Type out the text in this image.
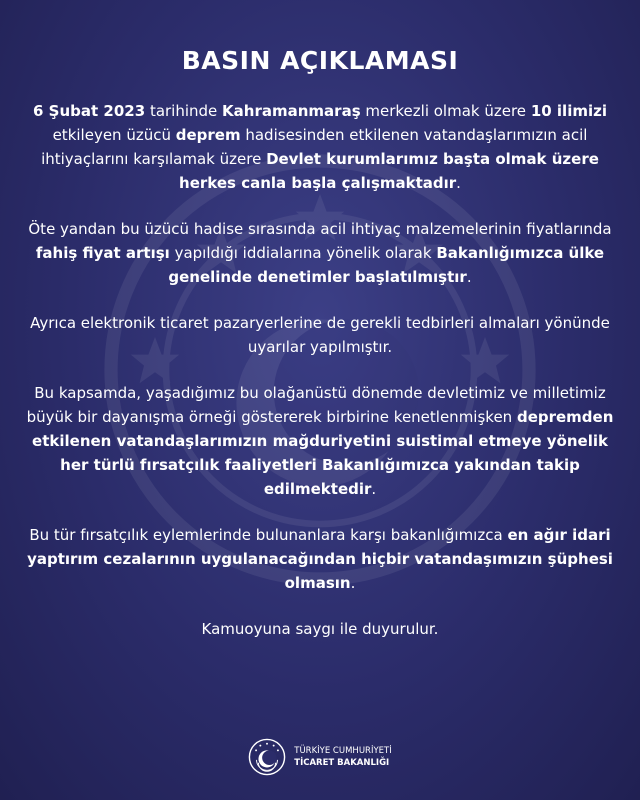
BASIN AÇIKLAMASI

6 Şubat 2023 tarihinde Kahramanmaraş merkezli olmak üzere 10 ilimizi etkileyen üzücü deprem hadisesinden etkilenen vatandaşlarımızın acil ihtiyaçlarını karşılamak üzere Devlet kurumlarımız başta olmak üzere herkes canla başla çalışmaktadır.

Öte yandan bu üzücü hadise sırasında acil ihtiyaç malzemelerinin fiyatlarında fahiş fiyat artışı yapıldığı iddialarına yönelik olarak Bakanlığımızca ülke genelinde denetimler başlatılmıştır.

Ayrıca elektronik ticaret pazaryerlerine de gerekli tedbirleri almaları yönünde uyarılar yapılmıştır.

Bu kapsamda, yaşadığımız bu olağanüstü dönemde devletimiz ve milletimiz büyük bir dayanışma örneği göstererek birbirine kenetlenmişken depremden etkilenen vatandaşlarımızın mağduriyetini suistimal etmeye yönelik her türlü fırsatçılık faaliyetleri Bakanlığımızca yakından takip edilmektedir.

Bu tür fırsatçılık eylemlerinde bulunanlara karşı bakanlığımızca en ağır idari yaptırım cezalarının uygulanacağından hiçbir vatandaşımızın şüphesi olmasın.

Kamuoyuna saygı ile duyurulur.

TÜRKİYE CUMHURİYETİ
TİCARET BAKANLIĞI
